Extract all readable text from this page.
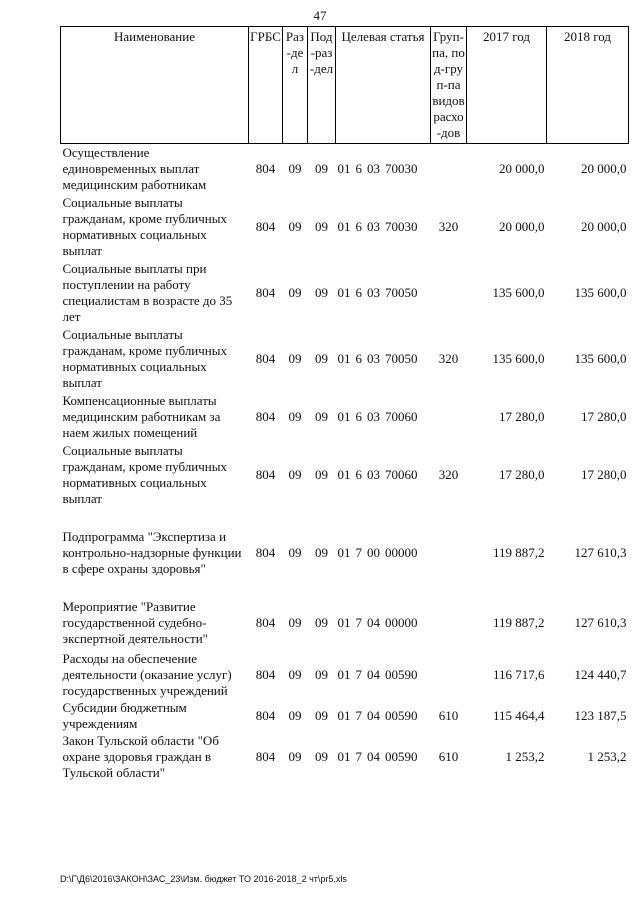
47
Наименование	ГРБС	Раз-дел	Под-раз-дел	Целевая статья	Груп-па, под-груп-па видов расхо-дов	2017 год	2018 год
Осуществление единовременных выплат медицинским работникам	804	09	09	01 6 03 70030		20 000,0	20 000,0
Социальные выплаты гражданам, кроме публичных нормативных социальных выплат	804	09	09	01 6 03 70030	320	20 000,0	20 000,0
Социальные выплаты при поступлении на работу специалистам в возрасте до 35 лет	804	09	09	01 6 03 70050		135 600,0	135 600,0
Социальные выплаты гражданам, кроме публичных нормативных социальных выплат	804	09	09	01 6 03 70050	320	135 600,0	135 600,0
Компенсационные выплаты медицинским работникам за наем жилых помещений	804	09	09	01 6 03 70060		17 280,0	17 280,0
Социальные выплаты гражданам, кроме публичных нормативных социальных выплат	804	09	09	01 6 03 70060	320	17 280,0	17 280,0

Подпрограмма "Экспертиза и контрольно-надзорные функции в сфере охраны здоровья"	804	09	09	01 7 00 00000		119 887,2	127 610,3

Мероприятие "Развитие государственной судебно-экспертной деятельности"	804	09	09	01 7 04 00000		119 887,2	127 610,3
Расходы на обеспечение деятельности (оказание услуг) государственных учреждений	804	09	09	01 7 04 00590		116 717,6	124 440,7
Субсидии бюджетным учреждениям	804	09	09	01 7 04 00590	610	115 464,4	123 187,5
Закон Тульской области "Об охране здоровья граждан в Тульской области"	804	09	09	01 7 04 00590	610	1 253,2	1 253,2
D:\Г\Д6\2016\ЗАКОН\ЗАС_23\Изм. бюджет ТО 2016-2018_2 чт\pr5.xls
